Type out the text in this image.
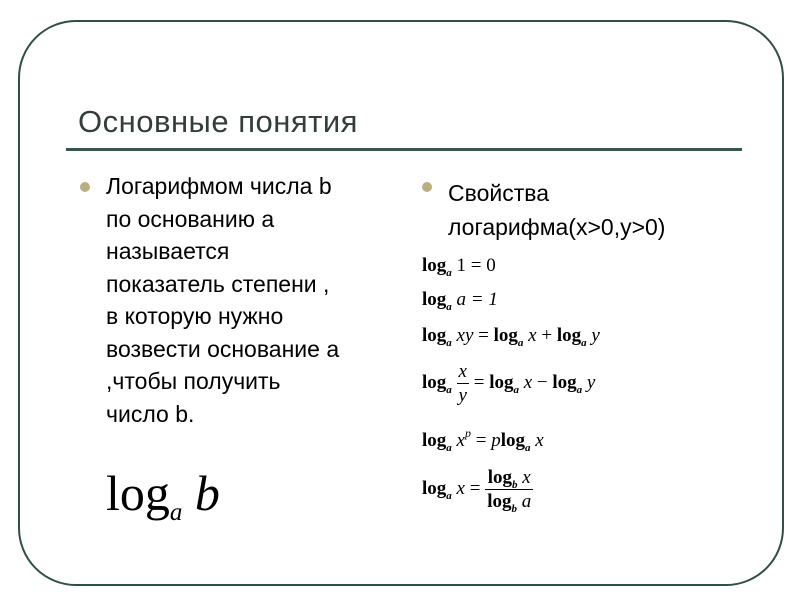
Основные понятия
Логарифмом числа b
по основанию a
называется
показатель степени ,
в которую нужно
возвести основание a
,чтобы получить
число b.
$\log_a b$
Свойства
логарифма(x>0,y>0)
$\log_a 1 = 0$
$\log_a a = 1$
$\log_a$ xy = $\log_a x + \log_a y$
$\log_a \frac{x}{y} = \log_a x - \log_a y$
$\log_a x^p = plog_a$ x
$\log_a x = \frac{\log_b x}{\log_b a}$
